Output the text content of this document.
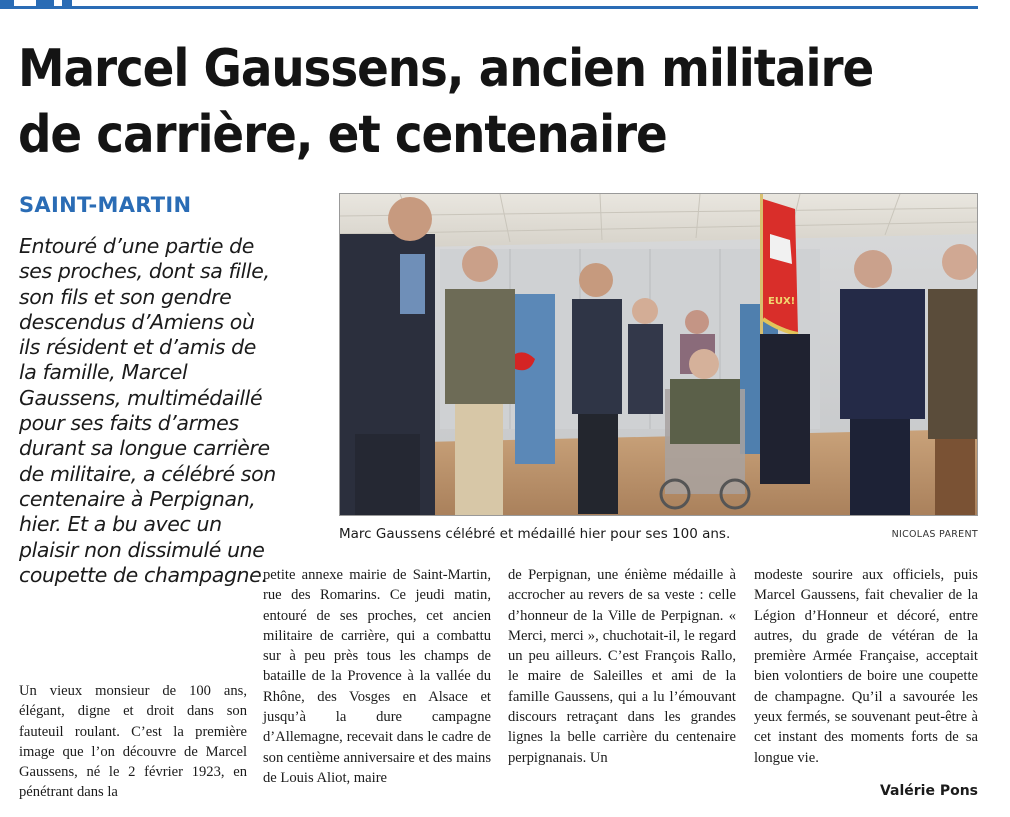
Marcel Gaussens, ancien militaire de carrière, et centenaire
SAINT-MARTIN
Entouré d’une partie de ses proches, dont sa fille, son fils et son gendre descendus d’Amiens où ils résident et d’amis de la famille, Marcel Gaussens, multimédaillé pour ses faits d’armes durant sa longue carrière de militaire, a célébré son centenaire à Perpignan, hier. Et a bu avec un plaisir non dissimulé une coupette de champagne.
EUX!
Marc Gaussens célébré et médaillé hier pour ses 100 ans.	NICOLAS PARENT
Un vieux monsieur de 100 ans, élégant, digne et droit dans son fauteuil roulant. C’est la première image que l’on découvre de Marcel Gaussens, né le 2 février 1923, en pénétrant dans la
petite annexe mairie de Saint-Martin, rue des Romarins. Ce jeudi matin, entouré de ses proches, cet ancien militaire de carrière, qui a combattu sur à peu près tous les champs de bataille de la Provence à la vallée du Rhône, des Vosges en Alsace et jusqu’à la dure campagne d’Allemagne, recevait dans le cadre de son centième anniversaire et des mains de Louis Aliot, maire
de Perpignan, une énième médaille à accrocher au revers de sa veste : celle d’honneur de la Ville de Perpignan. « Merci, merci », chuchotait-il, le regard un peu ailleurs. C’est François Rallo, le maire de Saleilles et ami de la famille Gaussens, qui a lu l’émouvant discours retraçant dans les grandes lignes la belle carrière du centenaire perpignanais. Un
modeste sourire aux officiels, puis Marcel Gaussens, fait chevalier de la Légion d’Honneur et décoré, entre autres, du grade de vétéran de la première Armée Française, acceptait bien volontiers de boire une coupette de champagne. Qu’il a savourée les yeux fermés, se souvenant peut-être à cet instant des moments forts de sa longue vie.
Valérie Pons
